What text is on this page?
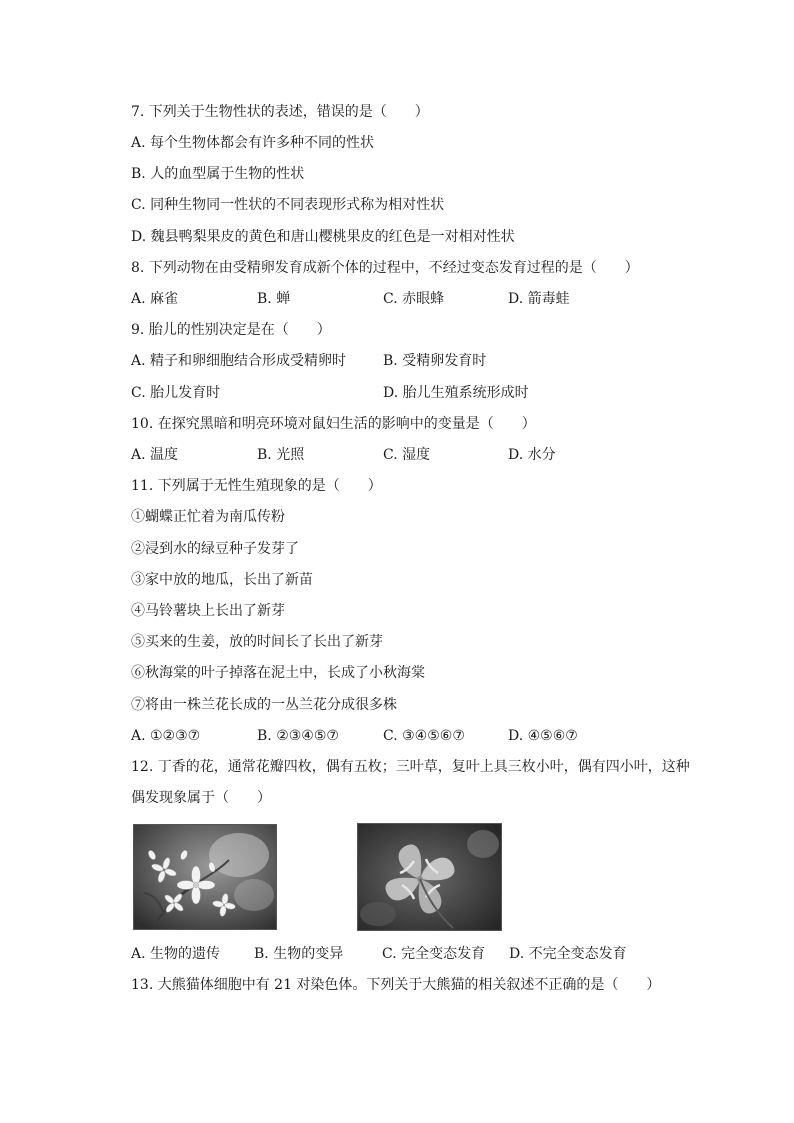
7. 下列关于生物性状的表述，错误的是（　　）
A. 每个生物体都会有许多种不同的性状
B. 人的血型属于生物的性状
C. 同种生物同一性状的不同表现形式称为相对性状
D. 魏县鸭梨果皮的黄色和唐山樱桃果皮的红色是一对相对性状
8. 下列动物在由受精卵发育成新个体的过程中，不经过变态发育过程的是（　　）
A. 麻雀	B. 蝉	C. 赤眼蜂	D. 箭毒蛙
9. 胎儿的性别决定是在（　　）
A. 精子和卵细胞结合形成受精卵时	B. 受精卵发育时
C. 胎儿发育时	D. 胎儿生殖系统形成时
10. 在探究黑暗和明亮环境对鼠妇生活的影响中的变量是（　　）
A. 温度	B. 光照	C. 湿度	D. 水分
11. 下列属于无性生殖现象的是（　　）
①蝴蝶正忙着为南瓜传粉
②浸到水的绿豆种子发芽了
③家中放的地瓜，长出了新苗
④马铃薯块上长出了新芽
⑤买来的生姜，放的时间长了长出了新芽
⑥秋海棠的叶子掉落在泥土中，长成了小秋海棠
⑦将由一株兰花长成的一丛兰花分成很多株
A. ①②③⑦	B. ②③④⑤⑦	C. ③④⑤⑥⑦	D. ④⑤⑥⑦
12. 丁香的花，通常花瓣四枚，偶有五枚；三叶草，复叶上具三枚小叶，偶有四小叶，这种
偶发现象属于（　　）
A. 生物的遗传 B. 生物的变异	C. 完全变态发育 D. 不完全变态发育
13. 大熊猫体细胞中有 21 对染色体。下列关于大熊猫的相关叙述不正确的是（　　）
